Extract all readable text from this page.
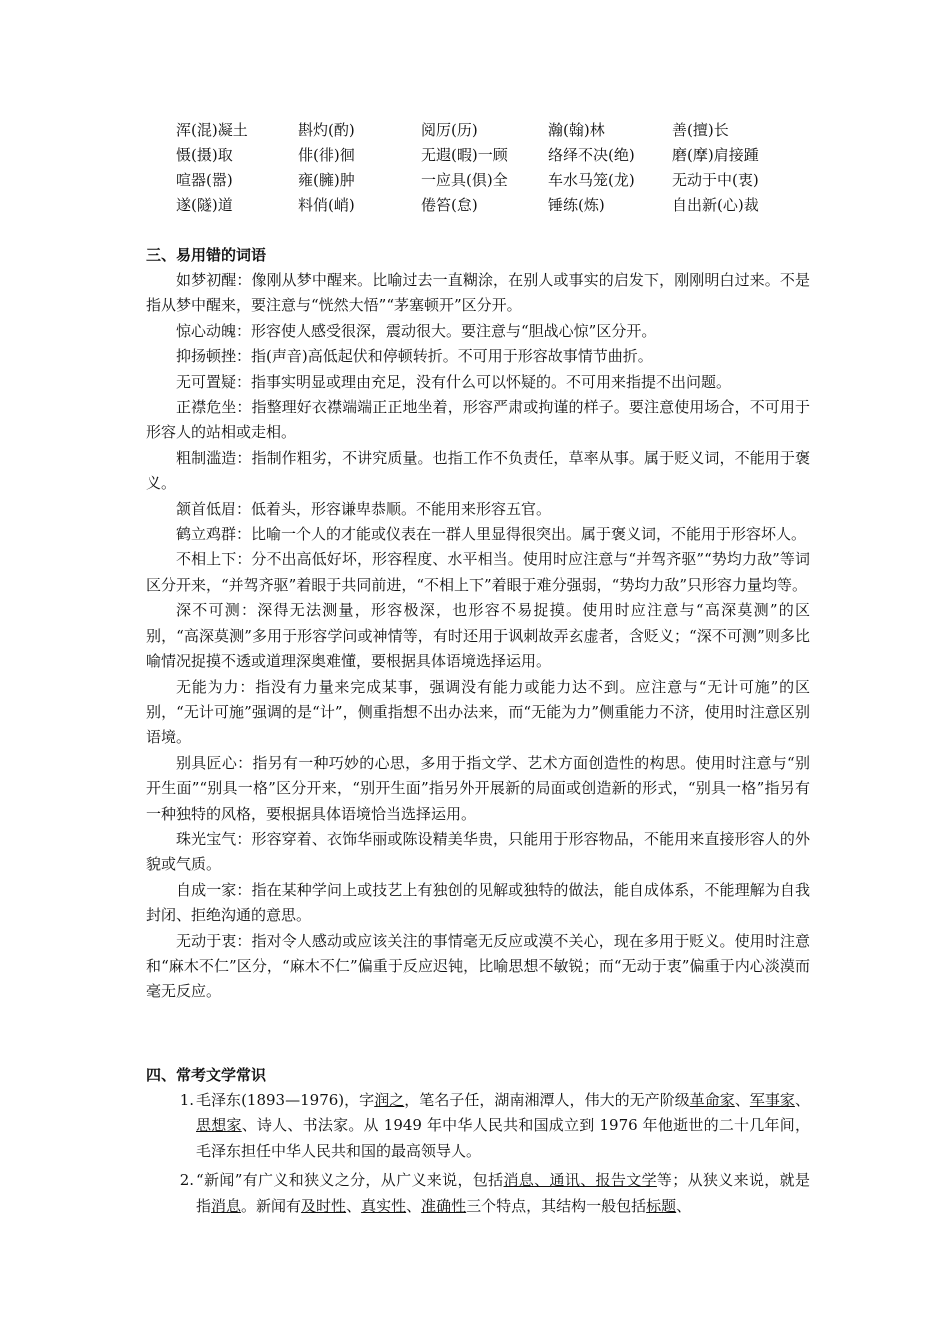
浑(混)凝土	斟灼(酌)	阅厉(历)	瀚(翰)林	善(擅)长
慑(摄)取	俳(徘)徊	无遐(暇)一顾	络绎不决(绝)	磨(摩)肩接踵
喧器(嚣)	雍(臃)肿	一应具(俱)全	车水马笼(龙)	无动于中(衷)
遂(隧)道	料俏(峭)	倦笞(怠)	锤练(炼)	自出新(心)裁
三、易用错的词语

如梦初醒：像刚从梦中醒来。比喻过去一直糊涂，在别人或事实的启发下，刚刚明白过来。不是指从梦中醒来，要注意与“恍然大悟”“茅塞顿开”区分开。

惊心动魄：形容使人感受很深，震动很大。要注意与“胆战心惊”区分开。

抑扬顿挫：指(声音)高低起伏和停顿转折。不可用于形容故事情节曲折。

无可置疑：指事实明显或理由充足，没有什么可以怀疑的。不可用来指提不出问题。

正襟危坐：指整理好衣襟端端正正地坐着，形容严肃或拘谨的样子。要注意使用场合，不可用于形容人的站相或走相。

粗制滥造：指制作粗劣，不讲究质量。也指工作不负责任，草率从事。属于贬义词，不能用于褒义。

颔首低眉：低着头，形容谦卑恭顺。不能用来形容五官。

鹤立鸡群：比喻一个人的才能或仪表在一群人里显得很突出。属于褒义词，不能用于形容坏人。

不相上下：分不出高低好坏，形容程度、水平相当。使用时应注意与“并驾齐驱”“势均力敌”等词区分开来，“并驾齐驱”着眼于共同前进，“不相上下”着眼于难分强弱，“势均力敌”只形容力量均等。

深不可测：深得无法测量，形容极深，也形容不易捉摸。使用时应注意与“高深莫测”的区别，“高深莫测”多用于形容学问或神情等，有时还用于讽刺故弄玄虚者，含贬义；“深不可测”则多比喻情况捉摸不透或道理深奥难懂，要根据具体语境选择运用。

无能为力：指没有力量来完成某事，强调没有能力或能力达不到。应注意与“无计可施”的区别，“无计可施”强调的是“计”，侧重指想不出办法来，而“无能为力”侧重能力不济，使用时注意区别语境。

别具匠心：指另有一种巧妙的心思，多用于指文学、艺术方面创造性的构思。使用时注意与“别开生面”“别具一格”区分开来，“别开生面”指另外开展新的局面或创造新的形式，“别具一格”指另有一种独特的风格，要根据具体语境恰当选择运用。

珠光宝气：形容穿着、衣饰华丽或陈设精美华贵，只能用于形容物品，不能用来直接形容人的外貌或气质。

自成一家：指在某种学问上或技艺上有独创的见解或独特的做法，能自成体系，不能理解为自我封闭、拒绝沟通的意思。

无动于衷：指对令人感动或应该关注的事情毫无反应或漠不关心，现在多用于贬义。使用时注意和“麻木不仁”区分，“麻木不仁”偏重于反应迟钝，比喻思想不敏锐；而“无动于衷”偏重于内心淡漠而毫无反应。

四、常考文学常识
1. 毛泽东(1893—1976)，字润之，笔名子任，湖南湘潭人，伟大的无产阶级革命家、军事家、思想家、诗人、书法家。从 1949 年中华人民共和国成立到 1976 年他逝世的二十几年间，毛泽东担任中华人民共和国的最高领导人。
2. “新闻”有广义和狭义之分，从广义来说，包括消息、通讯、报告文学等；从狭义来说，就是指消息。新闻有及时性、真实性、准确性三个特点，其结构一般包括标题、
